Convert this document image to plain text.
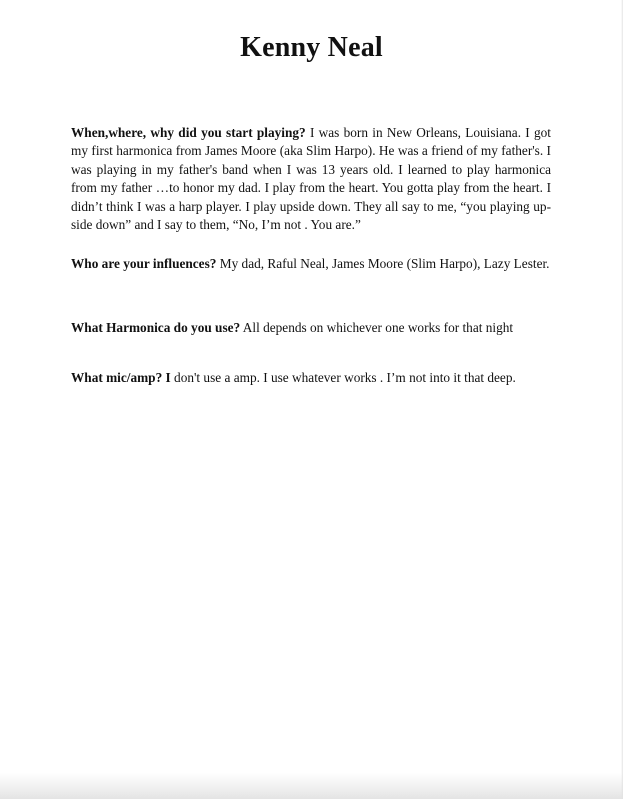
Kenny Neal

When,where, why did you start playing? I was born in New Orleans, Louisiana. I got my first harmonica from James Moore (aka Slim Harpo). He was a friend of my father's. I was playing in my father's band when I was 13 years old. I learned to play harmonica from my father …to honor my dad. I play from the heart. You gotta play from the heart. I didn’t think I was a harp player. I play upside down. They all say to me, “you playing up-side down” and I say to them, “No, I’m not . You are.”

Who are your influences? My dad, Raful Neal, James Moore (Slim Harpo), Lazy Lester.

What Harmonica do you use? All depends on whichever one works for that night

What mic/amp? I don't use a amp. I use whatever works . I’m not into it that deep.
